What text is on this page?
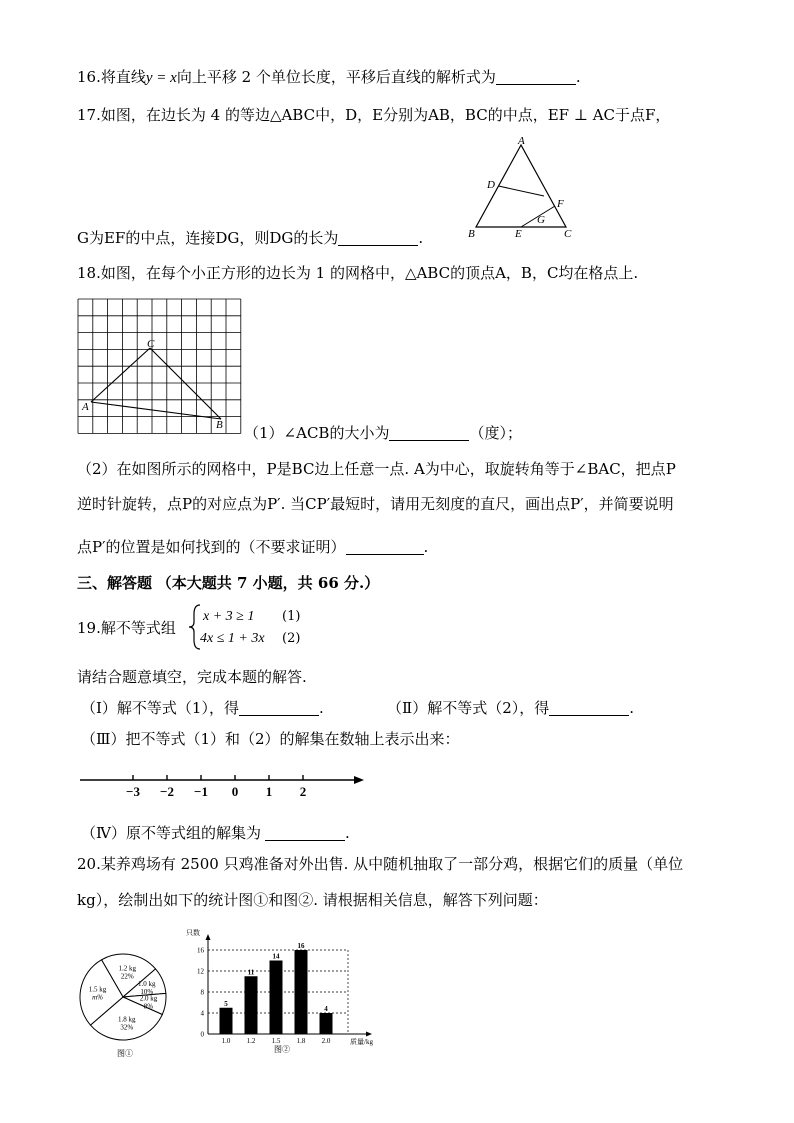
16.将直线y = x向上平移 2 个单位长度，平移后直线的解析式为	.
17.如图，在边长为 4 的等边△ABC中，D，E分别为AB，BC的中点，EF ⊥ AC于点F，
A
D
F
G
B	E	C
G为EF的中点，连接DG，则DG的长为	.
18.如图，在每个小正方形的边长为 1 的网格中，△ABC的顶点A，B，C均在格点上.
A
C
B （1）∠ACB的大小为	（度）；
（2）在如图所示的网格中，P是BC边上任意一点. A为中心，取旋转角等于∠BAC，把点P
逆时针旋转，点P的对应点为P′. 当CP′最短时，请用无刻度的直尺，画出点P′，并简要说明
点P′的位置是如何找到的（不要求证明）	.
三、解答题 （本大题共 7 小题，共 66 分.）
19.解不等式组
x + 3 ≥ 1 (1)
4x ≤ 1 + 3x (2)
请结合题意填空，完成本题的解答.
（Ⅰ）解不等式（1），得	.	（Ⅱ）解不等式（2），得	.
（Ⅲ）把不等式（1）和（2）的解集在数轴上表示出来：
−3 −2 −1 0 1 2
（Ⅳ）原不等式组的解集为	.
20.某养鸡场有 2500 只鸡准备对外出售. 从中随机抽取了一部分鸡，根据它们的质量（单位
kg），绘制出如下的统计图①和图②. 请根据相关信息，解答下列问题：
1.2 kg
22%
1.0 kg
10%
2.0 kg
8%
1.8 kg
32%
1.5 kg
m%
图①
只数
0
4
8
12
16
5
1.0
11
1.2
14
1.5
16
1.8
4
2.0	质量/kg
图②
